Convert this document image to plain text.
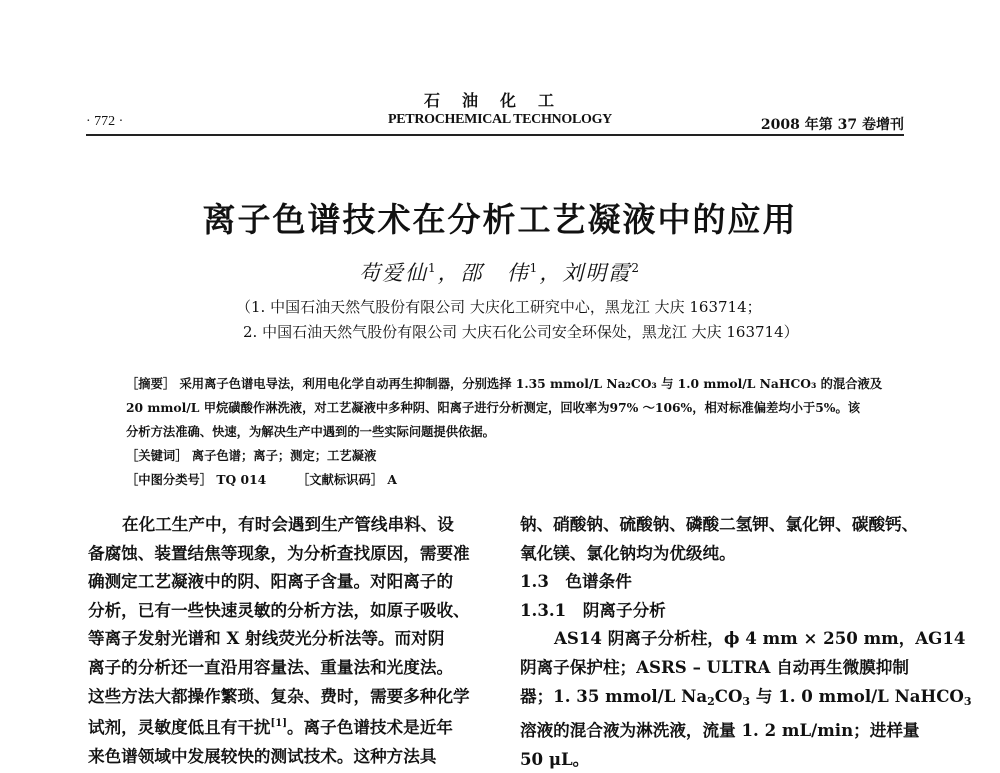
石油化工
PETROCHEMICAL TECHNOLOGY
· 772 ·	2008 年第 37 卷增刊
离子色谱技术在分析工艺凝液中的应用
苟爱仙$^1$，邵　伟$^1$，刘明霞$^2$
（1. 中国石油天然气股份有限公司 大庆化工研究中心，黑龙江 大庆 163714；
2. 中国石油天然气股份有限公司 大庆石化公司安全环保处，黑龙江 大庆 163714）
［摘要］ 采用离子色谱电导法，利用电化学自动再生抑制器，分别选择 1.35 mmol/L Na₂CO₃ 与 1.0 mmol/L NaHCO₃ 的混合液及
20 mmol/L 甲烷磺酸作淋洗液，对工艺凝液中多种阴、阳离子进行分析测定，回收率为97% ～106%，相对标准偏差均小于5%。该
分析方法准确、快速，为解决生产中遇到的一些实际问题提供依据。
［关键词］ 离子色谱；离子；测定；工艺凝液
［中图分类号］ TQ 014　　　	［文献标识码］ A
在化工生产中，有时会遇到生产管线串料、设
备腐蚀、装置结焦等现象，为分析查找原因，需要准
确测定工艺凝液中的阴、阳离子含量。对阳离子的
分析，已有一些快速灵敏的分析方法，如原子吸收、
等离子发射光谱和 X 射线荧光分析法等。而对阴
离子的分析还一直沿用容量法、重量法和光度法。
这些方法大都操作繁琐、复杂、费时，需要多种化学
试剂，灵敏度低且有干扰[1]。离子色谱技术是近年
来色谱领域中发展较快的测试技术。这种方法具
钠、硝酸钠、硫酸钠、磷酸二氢钾、氯化钾、碳酸钙、
氧化镁、氯化钠均为优级纯。
1.3　色谱条件
1.3.1　阴离子分析
AS14 阴离子分析柱，ϕ 4 mm × 250 mm，AG14
阴离子保护柱；ASRS – ULTRA 自动再生微膜抑制
器；1. 35 mmol/L $Na_2CO_3$ 与 1. 0 mmol/L NaHCO$_3$
溶液的混合液为淋洗液，流量 1. 2 mL/min；进样量
50 μL。
